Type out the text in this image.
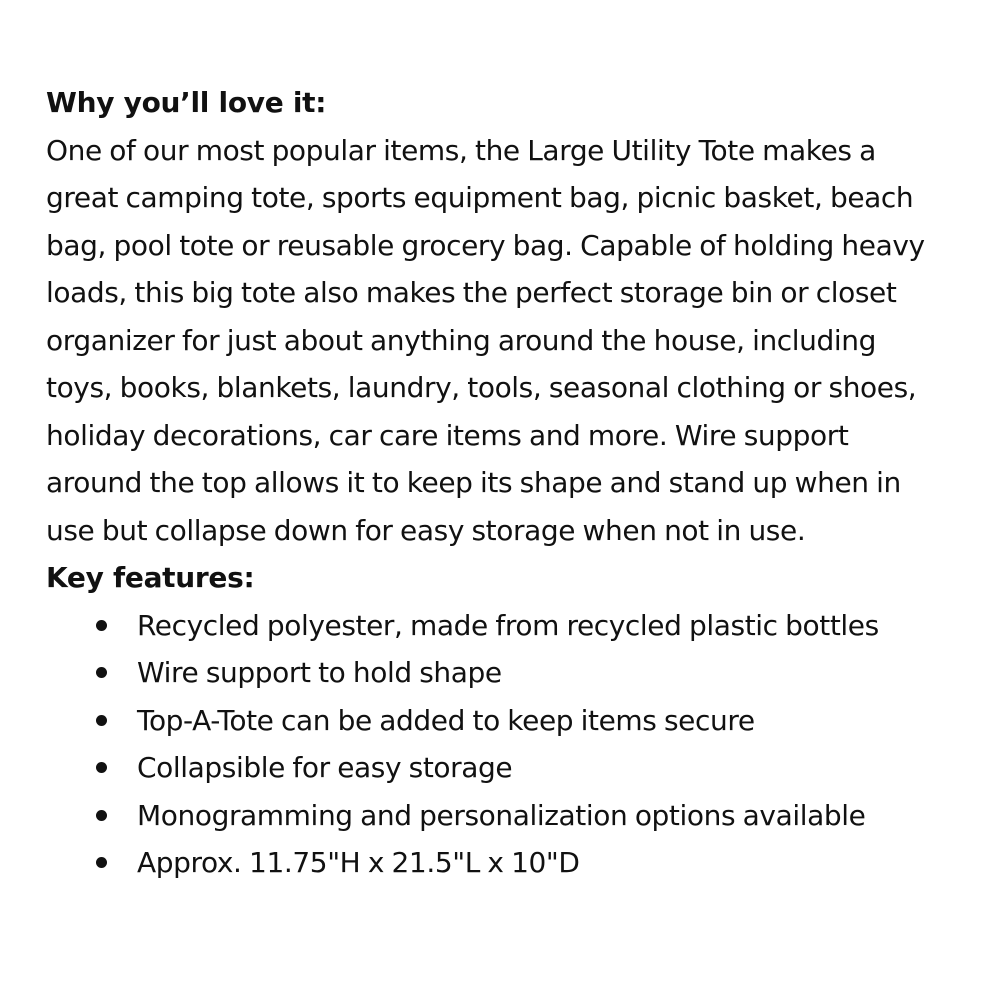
Why you’ll love it:

One of our most popular items, the Large Utility Tote makes a great camping tote, sports equipment bag, picnic basket, beach bag, pool tote or reusable grocery bag. Capable of holding heavy loads, this big tote also makes the perfect storage bin or closet organizer for just about anything around the house, including toys, books, blankets, laundry, tools, seasonal clothing or shoes, holiday decorations, car care items and more. Wire support around the top allows it to keep its shape and stand up when in use but collapse down for easy storage when not in use.

Key features:
Recycled polyester, made from recycled plastic bottles
Wire support to hold shape
Top-A-Tote can be added to keep items secure
Collapsible for easy storage
Monogramming and personalization options available
Approx. 11.75"H x 21.5"L x 10"D
